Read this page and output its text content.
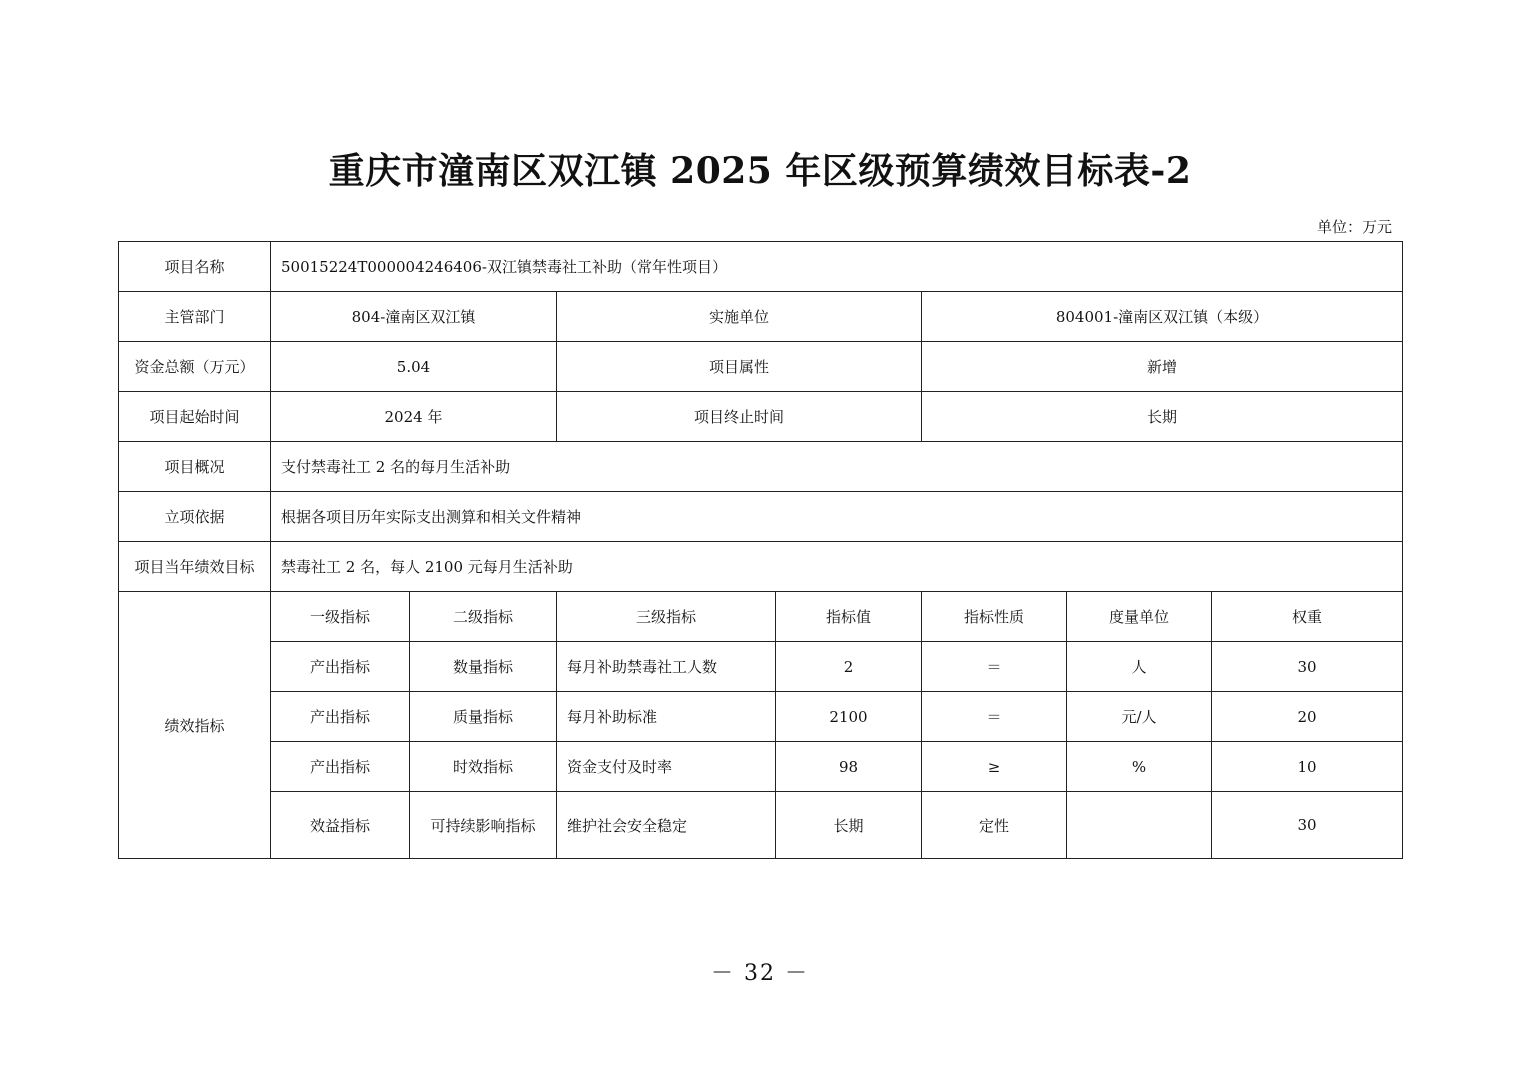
重庆市潼南区双江镇 2025 年区级预算绩效目标表-2
单位：万元
项目名称	50015224T000004246406-双江镇禁毒社工补助（常年性项目）						
主管部门	804-潼南区双江镇		实施单位		804001-潼南区双江镇（本级）		
资金总额（万元）	5.04		项目属性		新增		
项目起始时间	2024 年		项目终止时间		长期		
项目概况	支付禁毒社工 2 名的每月生活补助						
立项依据	根据各项目历年实际支出测算和相关文件精神						
项目当年绩效目标	禁毒社工 2 名，每人 2100 元每月生活补助						
绩效指标	一级指标	二级指标	三级指标	指标值	指标性质	度量单位	权重
	产出指标	数量指标	每月补助禁毒社工人数	2	＝	人	30
	产出指标	质量指标	每月补助标准	2100	＝	元/人	20
	产出指标	时效指标	资金支付及时率	98	≥	%	10
	效益指标	可持续影响指标	维护社会安全稳定	长期	定性		30
－ 32 －
